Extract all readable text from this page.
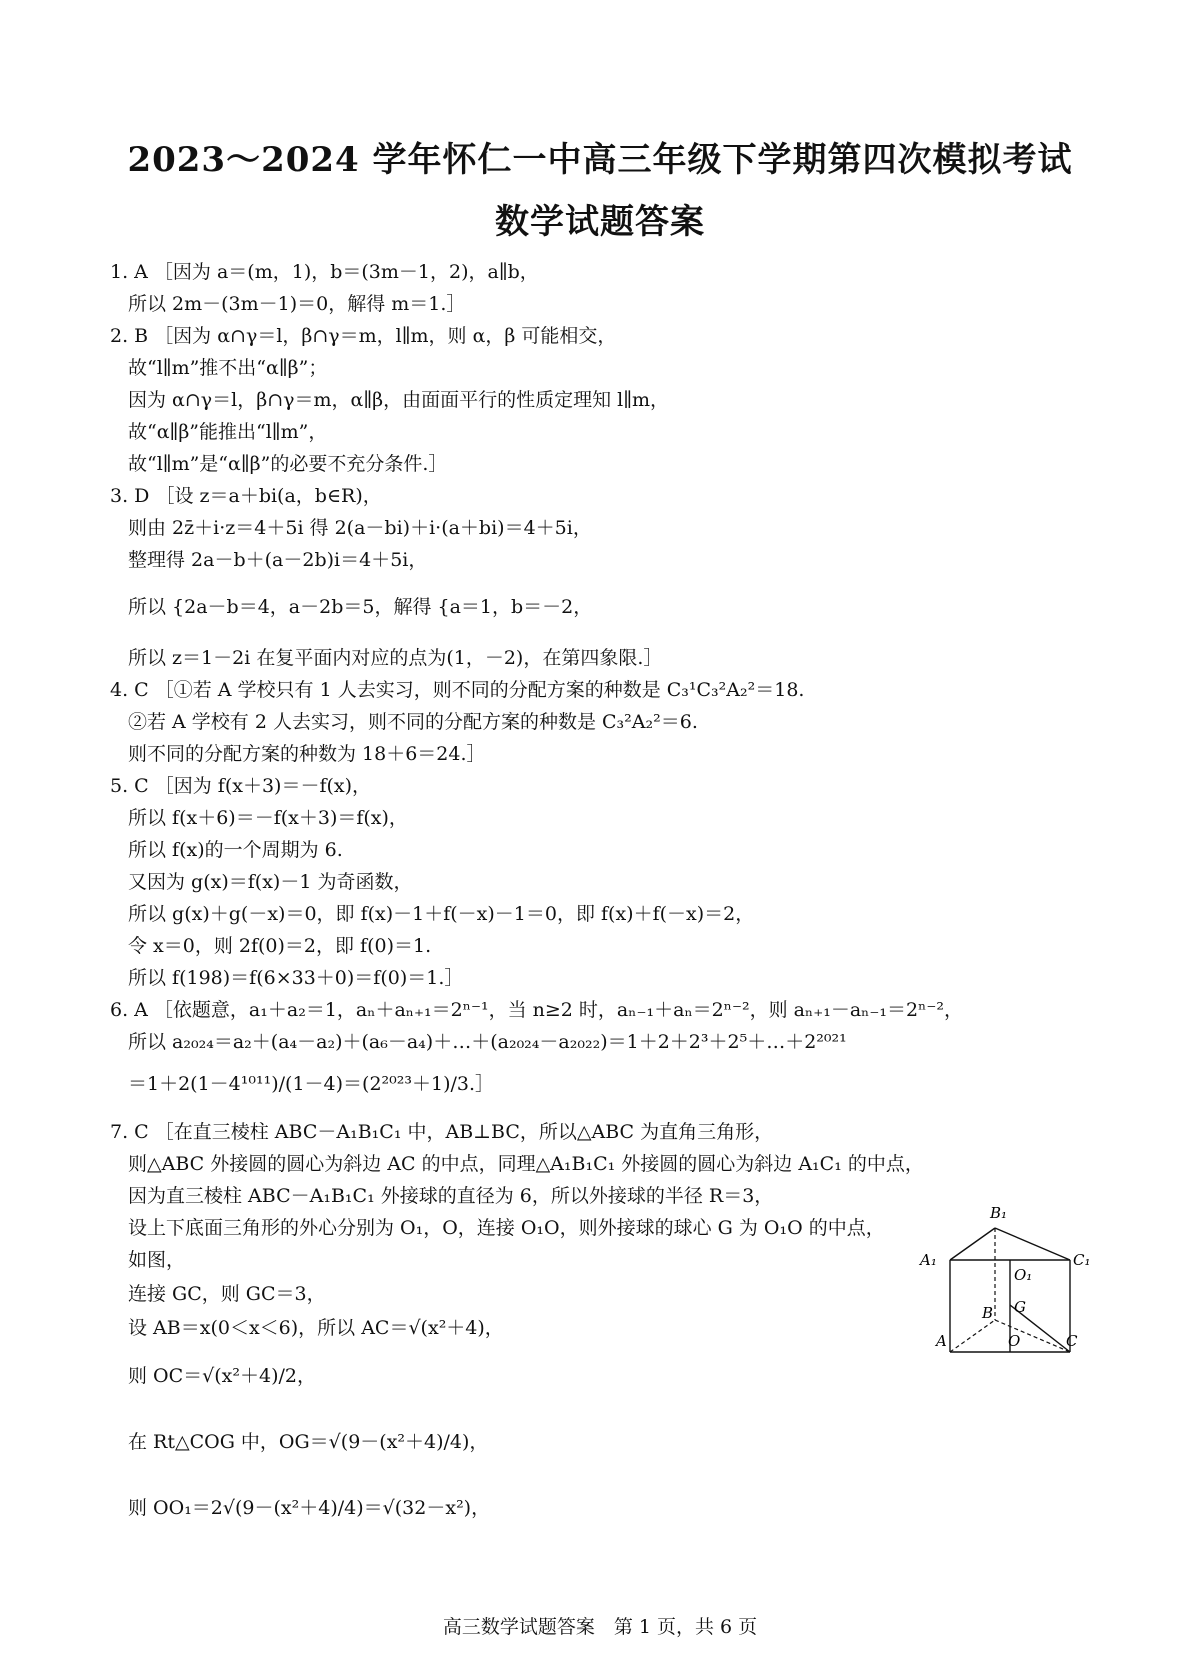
2023～2024 学年怀仁一中高三年级下学期第四次模拟考试
数学试题答案
1. A ［因为 a＝(m，1)，b＝(3m－1，2)，a∥b，
所以 2m－(3m－1)＝0，解得 m＝1.］
2. B ［因为 α∩γ＝l，β∩γ＝m，l∥m，则 α，β 可能相交，
故“l∥m”推不出“α∥β”；
因为 α∩γ＝l，β∩γ＝m，α∥β，由面面平行的性质定理知 l∥m，
故“α∥β”能推出“l∥m”，
故“l∥m”是“α∥β”的必要不充分条件.］
3. D ［设 z＝a＋bi(a，b∈R)，
则由 2z̄＋i·z＝4＋5i 得 2(a－bi)＋i·(a＋bi)＝4＋5i，
整理得 2a－b＋(a－2b)i＝4＋5i，
所以 {2a－b＝4，a－2b＝5，解得 {a＝1，b＝－2，
所以 z＝1－2i 在复平面内对应的点为(1，－2)，在第四象限.］
4. C ［①若 A 学校只有 1 人去实习，则不同的分配方案的种数是 C₃¹C₃²A₂²＝18.
②若 A 学校有 2 人去实习，则不同的分配方案的种数是 C₃²A₂²＝6.
则不同的分配方案的种数为 18＋6＝24.］
5. C ［因为 f(x＋3)＝－f(x)，
所以 f(x＋6)＝－f(x＋3)＝f(x)，
所以 f(x)的一个周期为 6.
又因为 g(x)＝f(x)－1 为奇函数，
所以 g(x)＋g(－x)＝0，即 f(x)－1＋f(－x)－1＝0，即 f(x)＋f(－x)＝2，
令 x＝0，则 2f(0)＝2，即 f(0)＝1.
所以 f(198)＝f(6×33＋0)＝f(0)＝1.］
6. A ［依题意，a₁＋a₂＝1，aₙ＋aₙ₊₁＝2ⁿ⁻¹，当 n≥2 时，aₙ₋₁＋aₙ＝2ⁿ⁻²，则 aₙ₊₁－aₙ₋₁＝2ⁿ⁻²，
所以 a₂₀₂₄＝a₂＋(a₄－a₂)＋(a₆－a₄)＋…＋(a₂₀₂₄－a₂₀₂₂)＝1＋2＋2³＋2⁵＋…＋2²⁰²¹
＝1＋2(1－4¹⁰¹¹)/(1－4)＝(2²⁰²³＋1)/3.］
7. C ［在直三棱柱 ABC－A₁B₁C₁ 中，AB⊥BC，所以△ABC 为直角三角形，
则△ABC 外接圆的圆心为斜边 AC 的中点，同理△A₁B₁C₁ 外接圆的圆心为斜边 A₁C₁ 的中点，
因为直三棱柱 ABC－A₁B₁C₁ 外接球的直径为 6，所以外接球的半径 R＝3，
设上下底面三角形的外心分别为 O₁，O，连接 O₁O，则外接球的球心 G 为 O₁O 的中点，
如图，
连接 GC，则 GC＝3，
设 AB＝x(0＜x＜6)，所以 AC＝√(x²＋4)，
则 OC＝√(x²＋4)/2，
在 Rt△COG 中，OG＝√(9－(x²＋4)/4)，
则 OO₁＝2√(9－(x²＋4)/4)＝√(32－x²)，
B₁
A₁
O₁
C₁
G
B
A	O	C
高三数学试题答案　第 1 页，共 6 页
